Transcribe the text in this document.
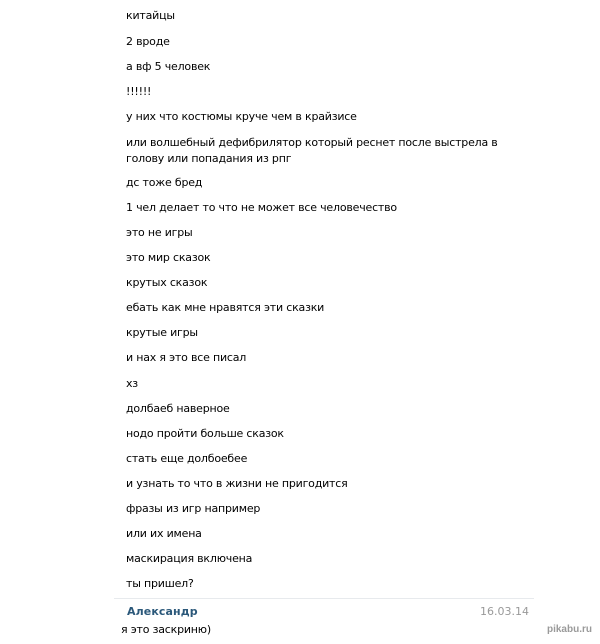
китайцы
2 вроде
а вф 5 человек
!!!!!!
у них что костюмы круче чем в крайзисе
или волшебный дефибрилятор который реснет после выстрела в
голову или попадания из рпг
дс тоже бред
1 чел делает то что не может все человечество
это не игры
это мир сказок
крутых сказок
ебать как мне нравятся эти сказки
крутые игры
и нах я это все писал
хз
долбаеб наверное
нодо пройти больше сказок
стать еще долбоебее
и узнать то что в жизни не пригодится
фразы из игр например
или их имена
маскирация включена
ты пришел?
Александр	16.03.14
я это заскриню)	pikabu.ru
